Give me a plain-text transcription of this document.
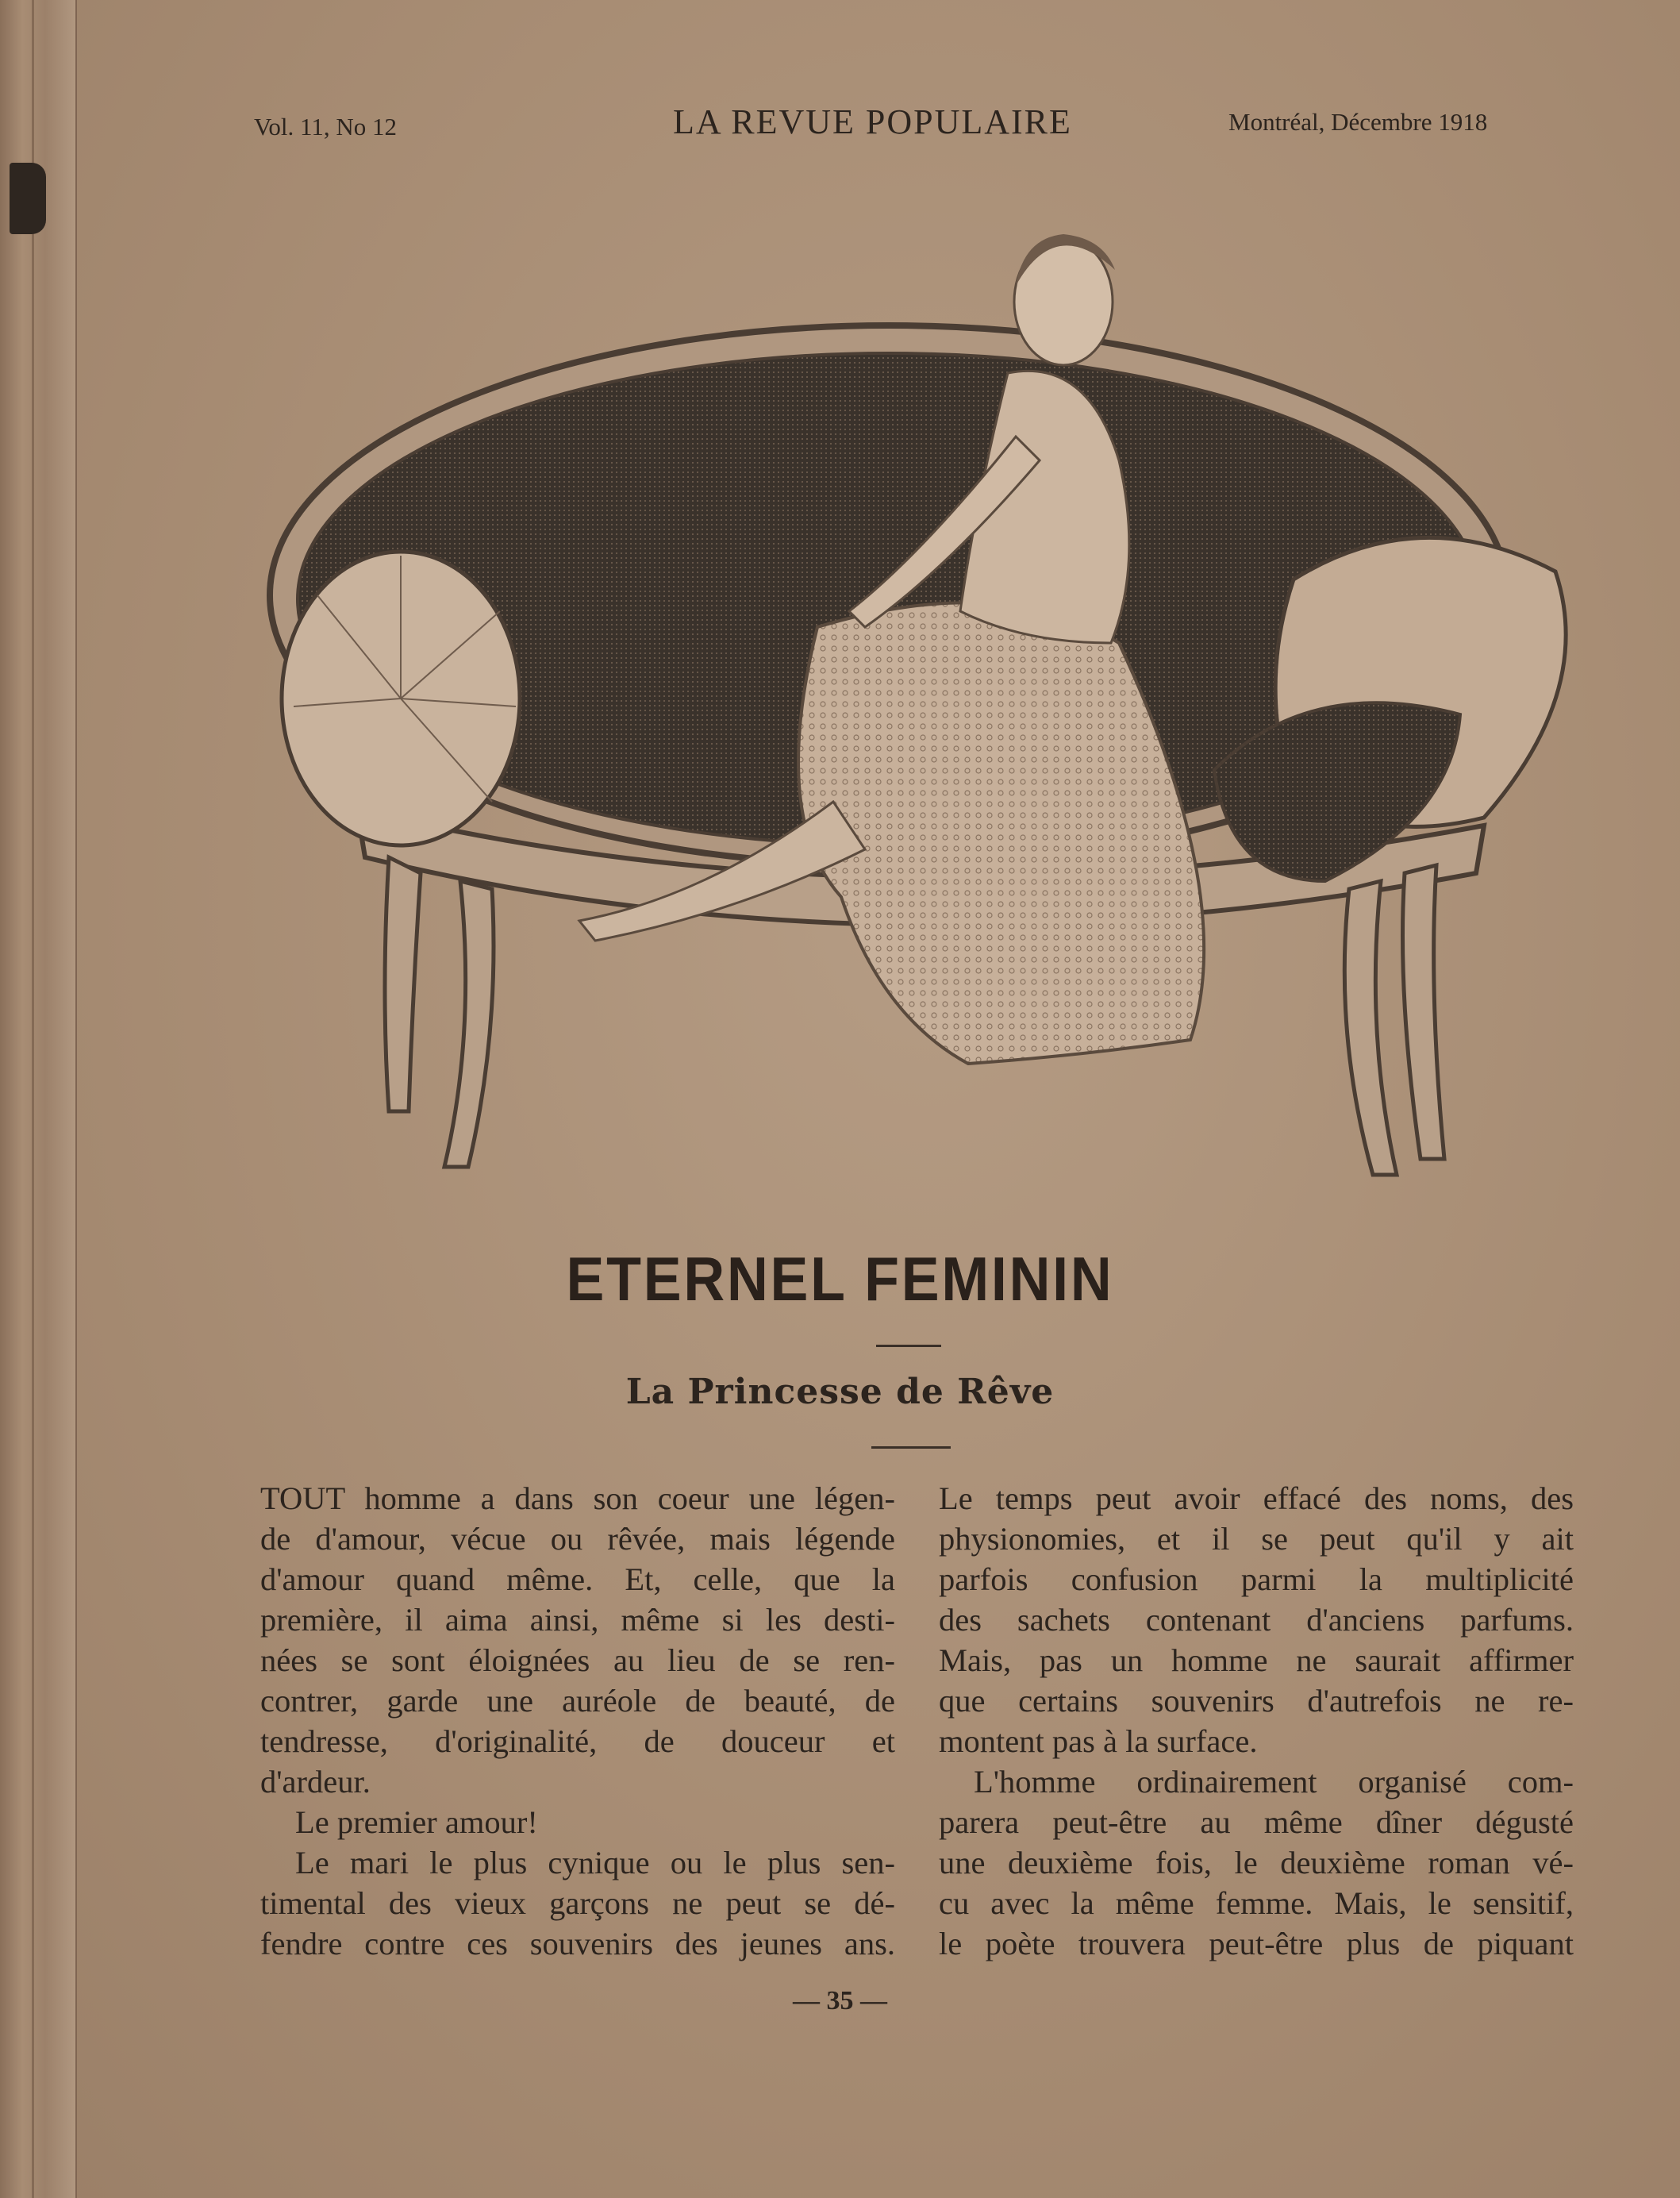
Vol. 11, No 12	LA REVUE POPULAIRE	Montréal, Décembre 1918
ETERNEL FEMININ
La Princesse de Rêve
TOUT homme a dans son coeur une légen-
de d'amour, vécue ou rêvée, mais légende
d'amour quand même. Et, celle, que la
première, il aima ainsi, même si les desti-
nées se sont éloignées au lieu de se ren-
contrer, garde une auréole de beauté, de
tendresse, d'originalité, de douceur et
d'ardeur.
Le premier amour!
Le mari le plus cynique ou le plus sen-
timental des vieux garçons ne peut se dé-
fendre contre ces souvenirs des jeunes ans.
Le temps peut avoir effacé des noms, des
physionomies, et il se peut qu'il y ait
parfois confusion parmi la multiplicité
des sachets contenant d'anciens parfums.
Mais, pas un homme ne saurait affirmer
que certains souvenirs d'autrefois ne re-
montent pas à la surface.
L'homme ordinairement organisé com-
parera peut-être au même dîner dégusté
une deuxième fois, le deuxième roman vé-
cu avec la même femme. Mais, le sensitif,
le poète trouvera peut-être plus de piquant
— 35 —
